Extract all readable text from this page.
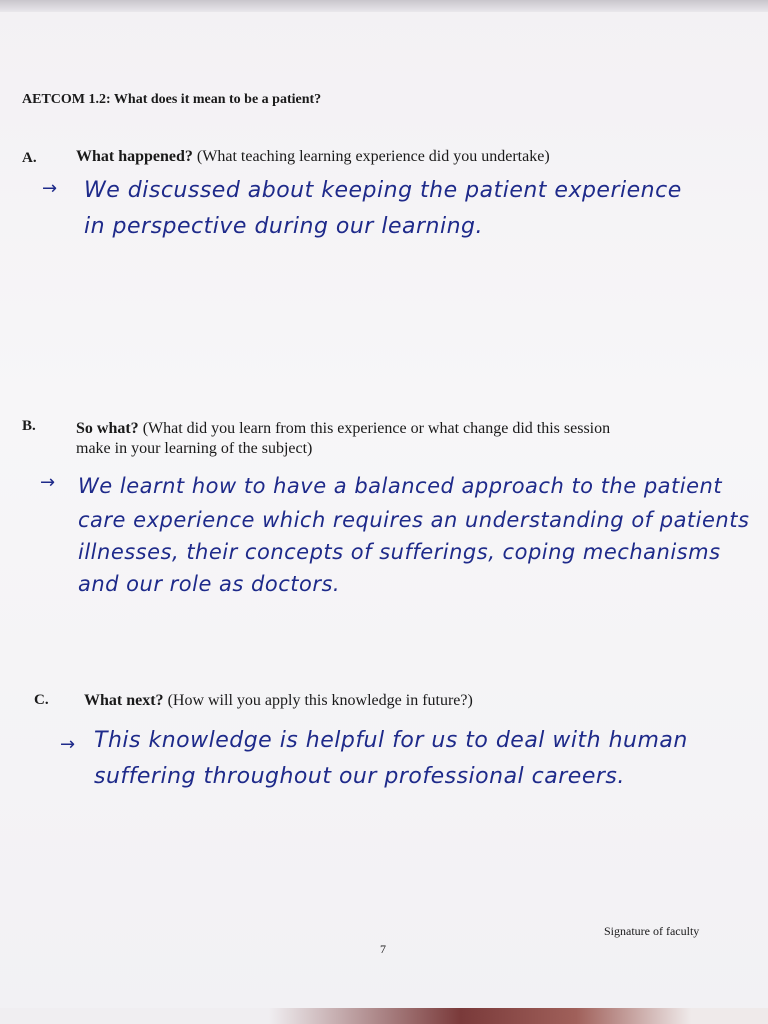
AETCOM 1.2: What does it mean to be a patient?
A. What happened? (What teaching learning experience did you undertake)
→ We discussed about keeping the patient experience
in perspective during our learning.
B.	So what? (What did you learn from this experience or what change did this session
make in your learning of the subject)
→ We learnt how to have a balanced approach to the patient
care experience which requires an understanding of patients
illnesses, their concepts of sufferings, coping mechanisms
and our role as doctors.
C. What next? (How will you apply this knowledge in future?)
→ This knowledge is helpful for us to deal with human
suffering throughout our professional careers.
Signature of faculty
7
